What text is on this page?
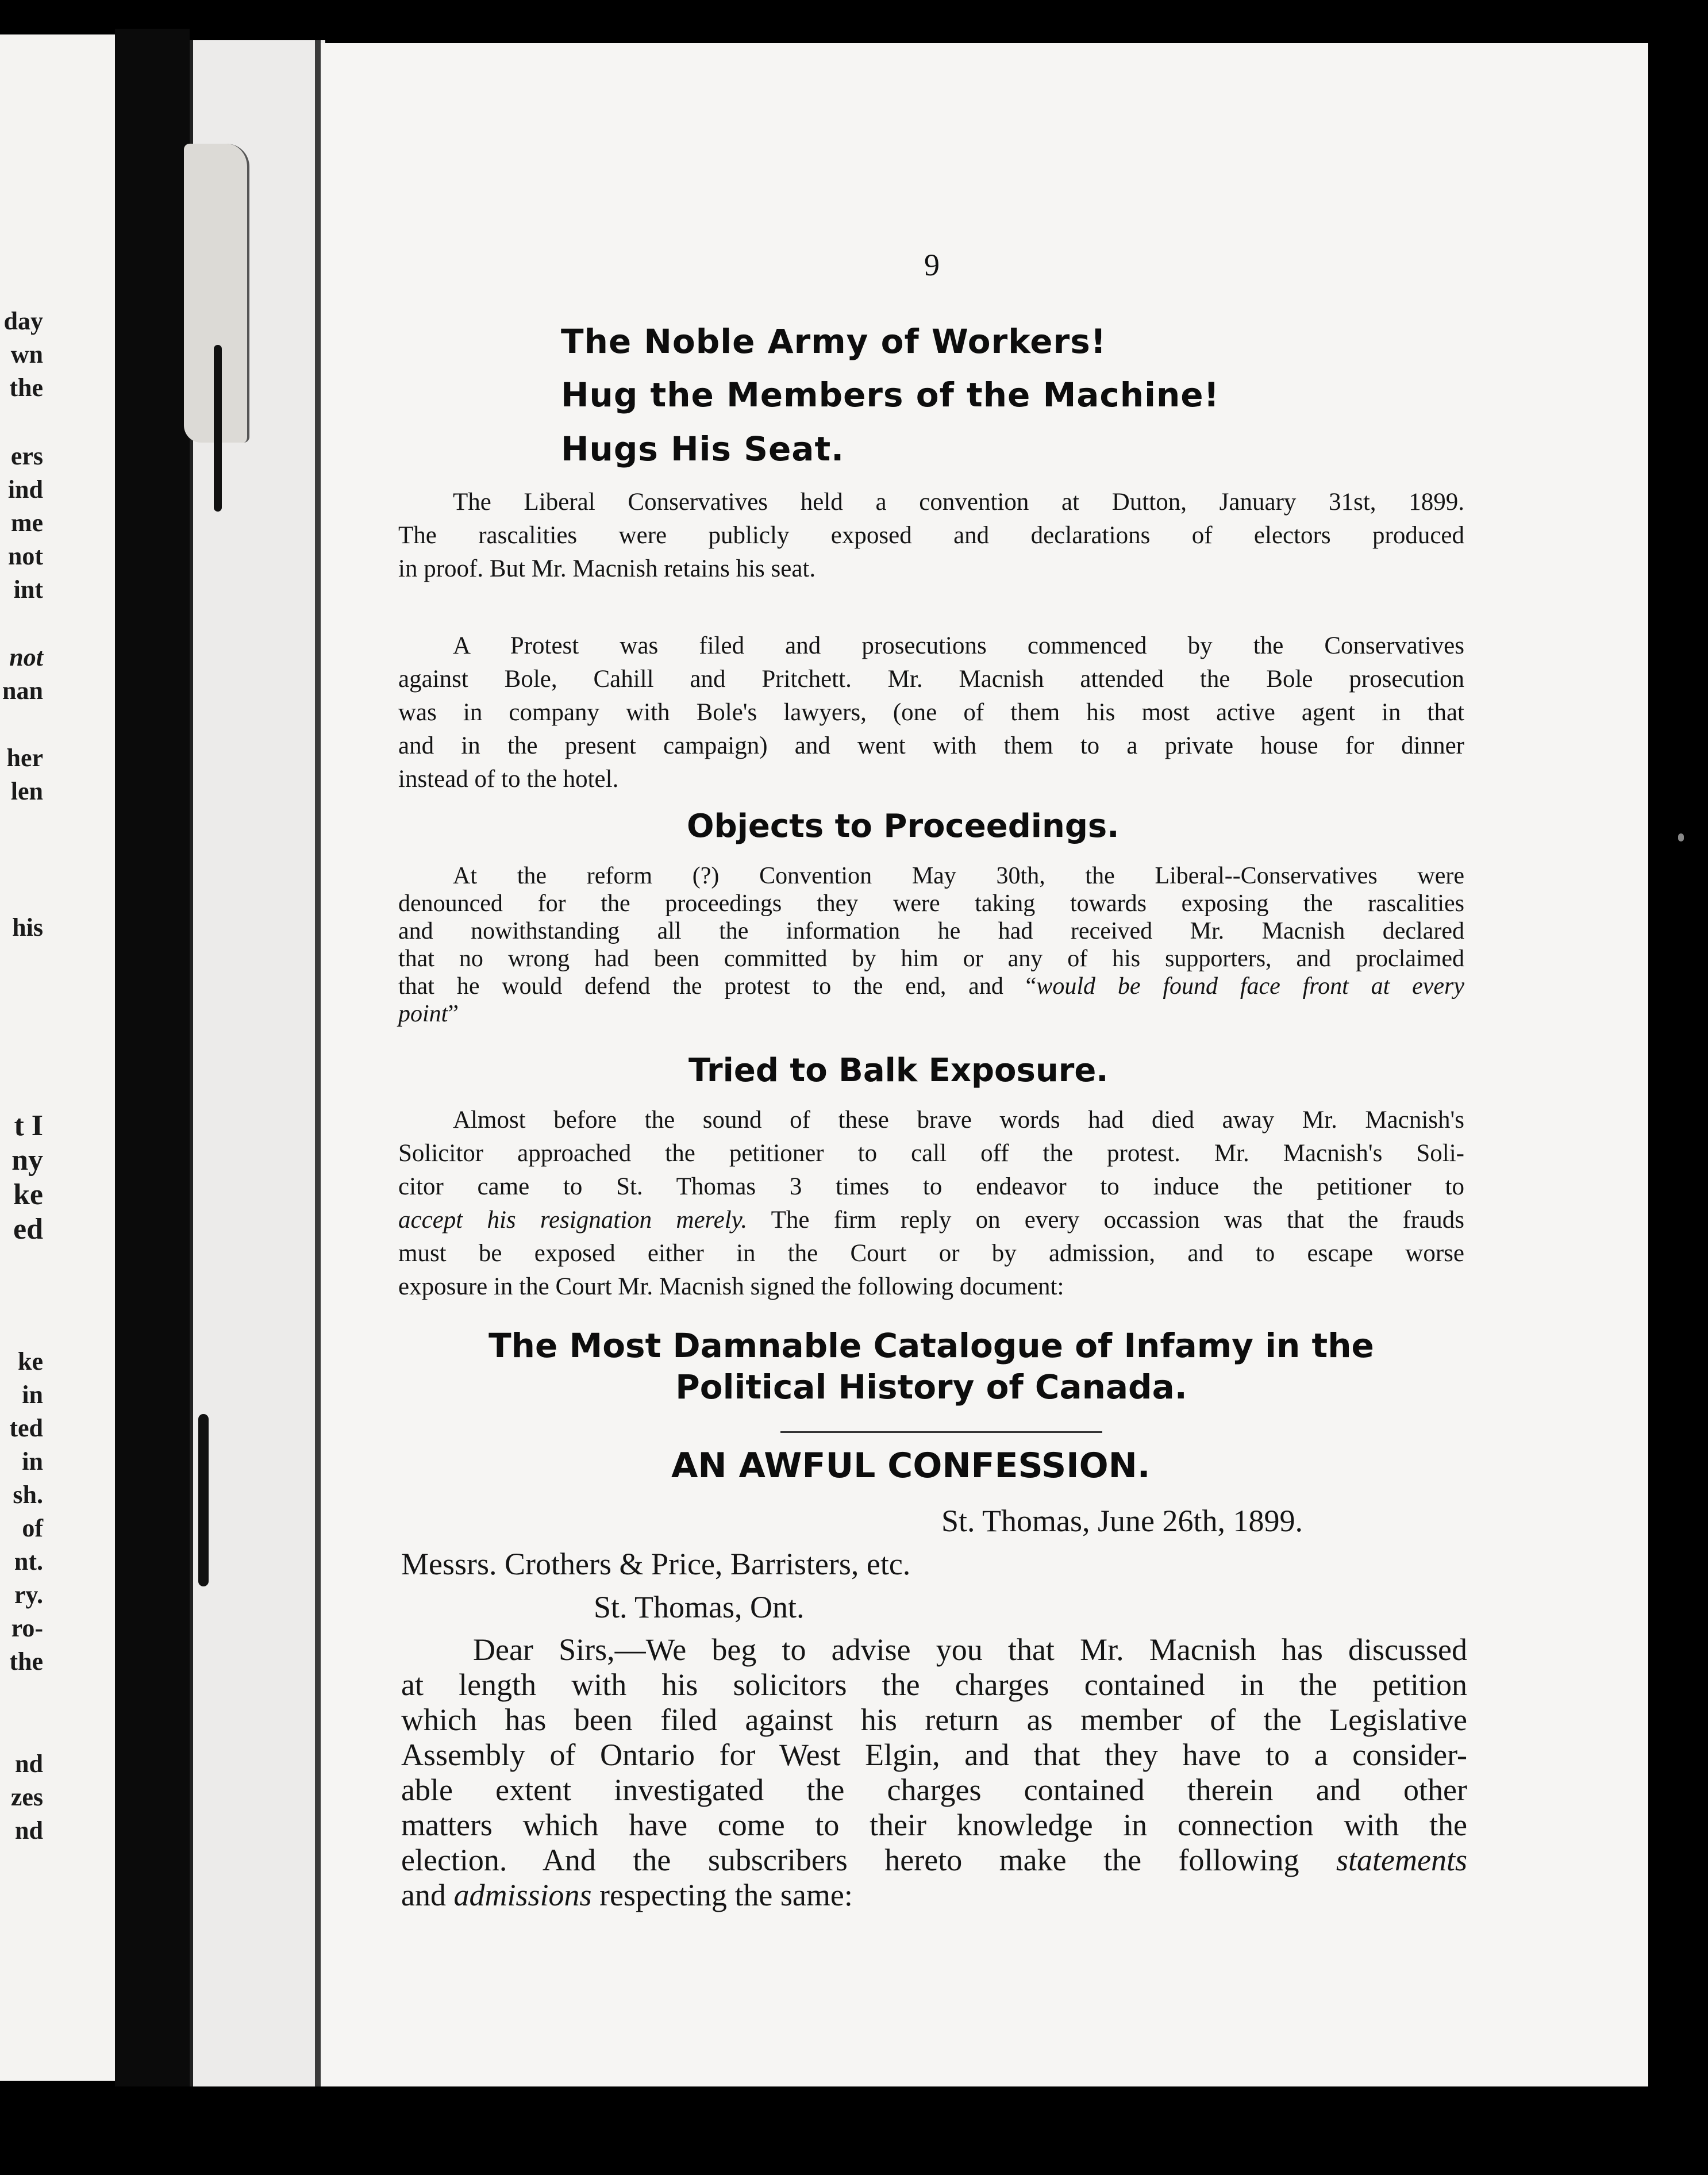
day
wn
the
ers
ind
me
not
int
not
nan
her
len
his
t I
ny
ke
ed
ke
in
ted
in
sh.
of
nt.
ry.
ro-
the
nd
zes
nd
9
The Noble Army of Workers!
Hug the Members of the Machine!
Hugs His Seat.
The Liberal Conservatives held a convention at Dutton, January 31st, 1899.
The rascalities were publicly exposed and declarations of electors produced
in proof. But Mr. Macnish retains his seat.
A Protest was filed and prosecutions commenced by the Conservatives
against Bole, Cahill and Pritchett. Mr. Macnish attended the Bole prosecution
was in company with Bole's lawyers, (one of them his most active agent in that
and in the present campaign) and went with them to a private house for dinner
instead of to the hotel.
Objects to Proceedings.
At the reform (?) Convention May 30th, the Liberal--Conservatives were
denounced for the proceedings they were taking towards exposing the rascalities
and nowithstanding all the information he had received Mr. Macnish declared
that no wrong had been committed by him or any of his supporters, and proclaimed
that he would defend the protest to the end, and “would be found face front at every
point”
Tried to Balk Exposure.
Almost before the sound of these brave words had died away Mr. Macnish's
Solicitor approached the petitioner to call off the protest. Mr. Macnish's Soli-
citor came to St. Thomas 3 times to endeavor to induce the petitioner to
accept his resignation merely. The firm reply on every occassion was that the frauds
must be exposed either in the Court or by admission, and to escape worse
exposure in the Court Mr. Macnish signed the following document:
The Most Damnable Catalogue of Infamy in the
Political History of Canada.
AN AWFUL CONFESSION.
St. Thomas, June 26th, 1899.
Messrs. Crothers & Price, Barristers, etc.
St. Thomas, Ont.
Dear Sirs,—We beg to advise you that Mr. Macnish has discussed
at length with his solicitors the charges contained in the petition
which has been filed against his return as member of the Legislative
Assembly of Ontario for West Elgin, and that they have to a consider-
able extent investigated the charges contained therein and other
matters which have come to their knowledge in connection with the
election. And the subscribers hereto make the following statements
and admissions respecting the same:
